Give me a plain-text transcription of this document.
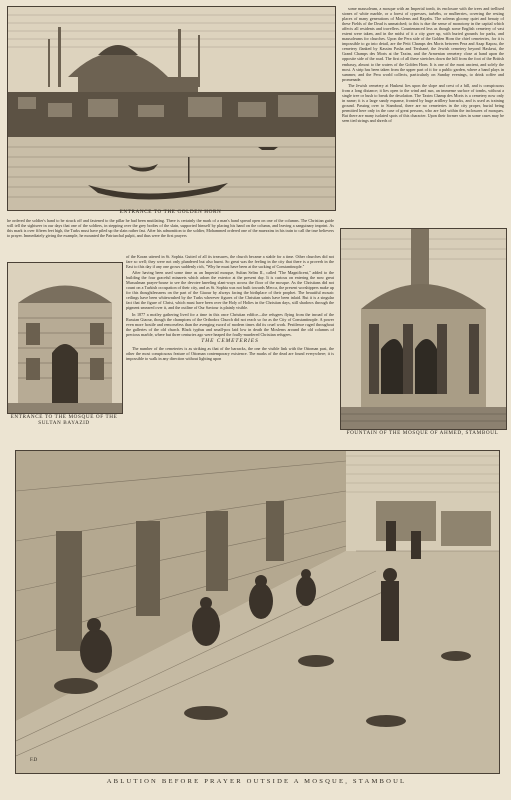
ENTRANCE TO THE GOLDEN HORN

some mausoleum, a mosque with an Imperial tomb, its enclosure with the trees and trellised stones of white marble, or a forest of cypresses, turbéhs, or mulberries, covering the resting places of many generations of Moslems and Rayahs. The solemn gloomy quiet and beauty of these Fields of the Dead is unmatched; to this is due the sense of monotony in the capital which affects all residents and travellers. Countenanced less as though some English cemetery of vast extent were taken, and in the midst of it a city gave up, with buried grounds for parks, and mausoleums for churches. Upon the Pera side of the Golden Horn the chief cemeteries, for it is impossible to go into detail, are the Petit Champs des Morts between Pera and Azap Kapou, the cemetery flanked by Kassim Pasha and Tershané, the Jewish cemetery beyond Haskeui, the Grand Champs des Morts at the Taxim, and the Armenian cemetery close at hand upon the opposite side of the road. The first of all these stretches down the hill from the foot of the British embassy, almost to the waters of the Golden Horn. It is one of the most ancient, and solely the most. A strip has been taken from the upper part of it for a public garden, where a band plays in summer, and the Pera world collects, particularly on Sunday evenings, to drink coffee and promenade.

The Jewish cemetery at Haskeui lies upon the slope and crest of a hill, and is conspicuous from a long distance; it lies open to the wind and sun, an immense surface of tombs, without a single tree or bush to break the desolation. The Taxim Champ des Morts is a cemetery now only in name; it is a large sandy expanse, fronted by huge artillery barracks, and is used as training ground. Passing over to Stamboul, there are no cemeteries in the city proper, burial being permitted here only in the case of great persons, who are laid within the inclosures of mosques. But there are many isolated spots of this character. Upon their former sites in some cases may be seen tied strings and shreds of

he ordered the soldier's hand to be struck off and fastened to the pillar he had been mutilating. There is certainly the mark of a man's hand spread open on one of the columns. The Christian guide will tell the sightseer in our days that one of the soldiers, in stepping over the grey bodies of the slain, supported himself by placing his hand on the column, and leaving a sanguinary imprint. As this mark is over fifteen feet high, the Turks must have piled up the slain rather fast. After his admonition to the soldier, Mohammed ordered one of the muezzins in his train to call the true believers to prayer. Immediately giving the example, he mounted the Patriarchal pulpit, and thus were the first prayers

ENTRANCE TO THE MOSQUE OF THE
SULTAN BAYAZID

of the Koran uttered in St. Sophia. Gutted of all its treasures, the church became a stable for a time. Other churches did not fare so well; they were not only plundered but also burnt. So great was the feeling in the city that there is a proverb in the East to this day if any one grows suddenly rich, "Why he must have been at the sacking of Constantinople."

After having been used some time as an Imperial mosque, Sultan Selim II., called "The Magnificent," added to the building the four graceful minarets which adorn the exterior at the present day. It is curious on entering the now great Mussulman prayer-house to see the devotee kneeling slant-ways across the floor of the mosque. As the Christians did not count on a Turkish occupation of their city, and as St. Sophia was not built towards Mecca, the present worshippers make up for this thoughtlessness on the part of the Giaour by always facing the birthplace of their prophet. The beautiful mosaic ceilings have been whitewashed by the Turks wherever figures of the Christian saints have been inlaid. But it is a singular fact that the figure of Christ, which must have been over the Holy of Holies in the Christian days, still shadows through the pigment smeared over it, and the outline of Our Saviour is plainly visible.

In 1877 a motley gathering lived for a time in this once Christian edifice—the refugees flying from the inroad of the Russian Giaour, though the champions of the Orthodox Church did not reach so far as the City of Constantinople. A power even more hostile and remorseless than the avenging sword of modern times did its cruel work. Pestilence raged throughout the galleries of the old church. Black typhus and small-pox laid low in death the Moslems around the old columns of precious marble, where but three centuries ago were heaped the foully-murdered Christian refugees.

THE CEMETERIES

The number of the cemeteries is as striking as that of the barracks, the one the visible link with the Ottoman past, the other the most conspicuous feature of Ottoman contemporary existence. The marks of the dead are found everywhere; it is impossible to walk in any direction without lighting upon

FOUNTAIN OF THE MOSQUE OF AHMED, STAMBOUL
F.D
ABLUTION BEFORE PRAYER OUTSIDE A MOSQUE, STAMBOUL
